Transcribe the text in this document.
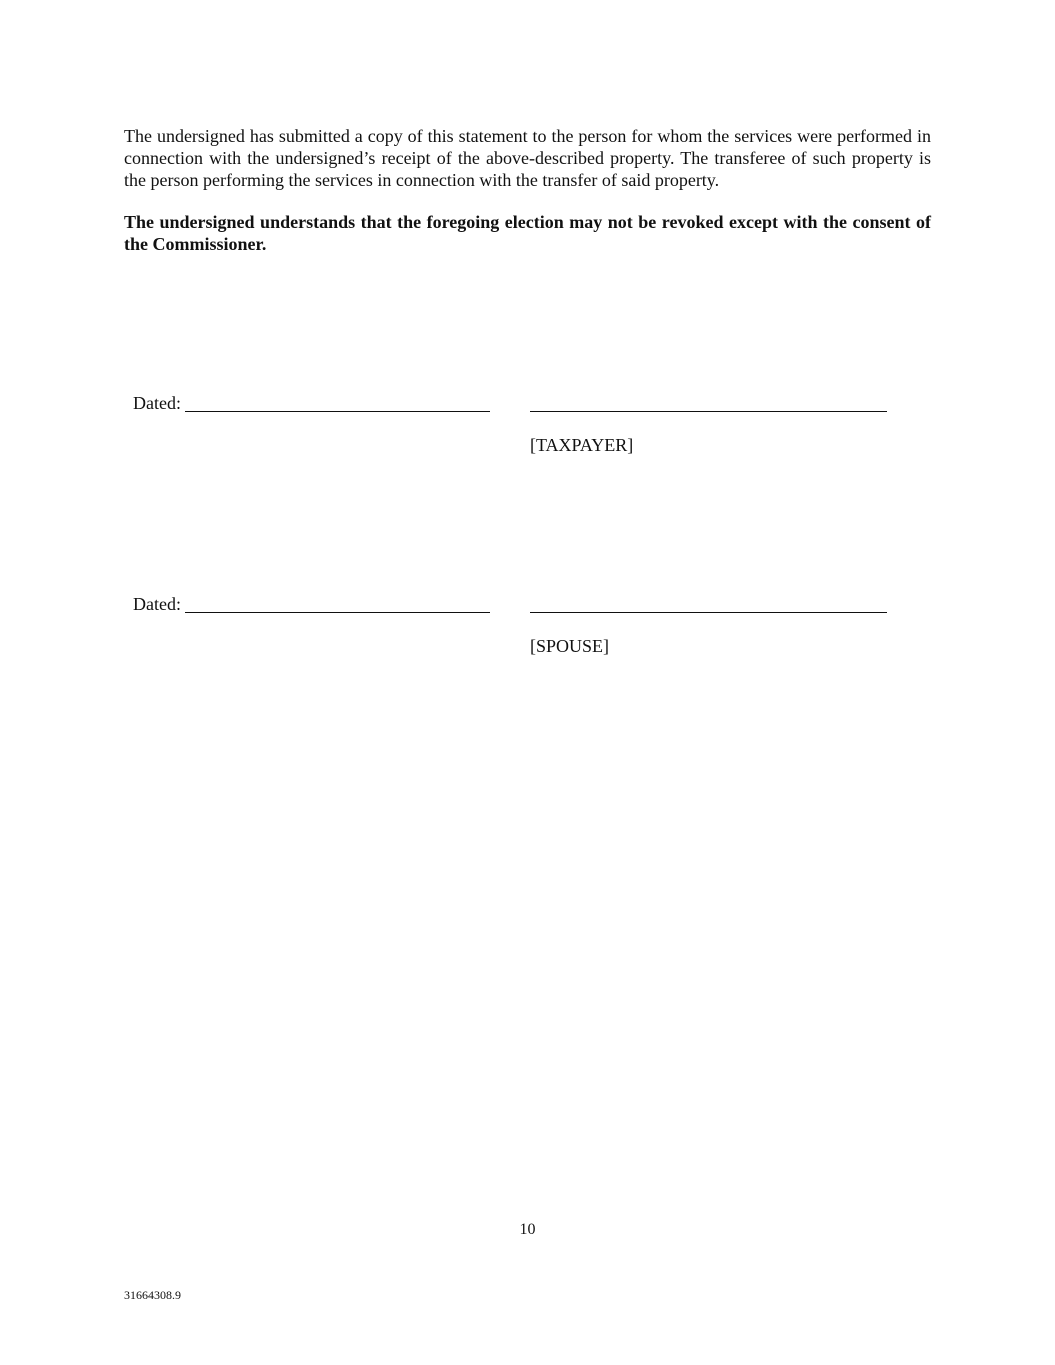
The undersigned has submitted a copy of this statement to the person for whom the services were performed in connection with the undersigned’s receipt of the above-described property. The transferee of such property is the person performing the services in connection with the transfer of said property.

The undersigned understands that the foregoing election may not be revoked except with the consent of the Commissioner.

Dated:
[TAXPAYER]
Dated:
[SPOUSE]
10
31664308.9
